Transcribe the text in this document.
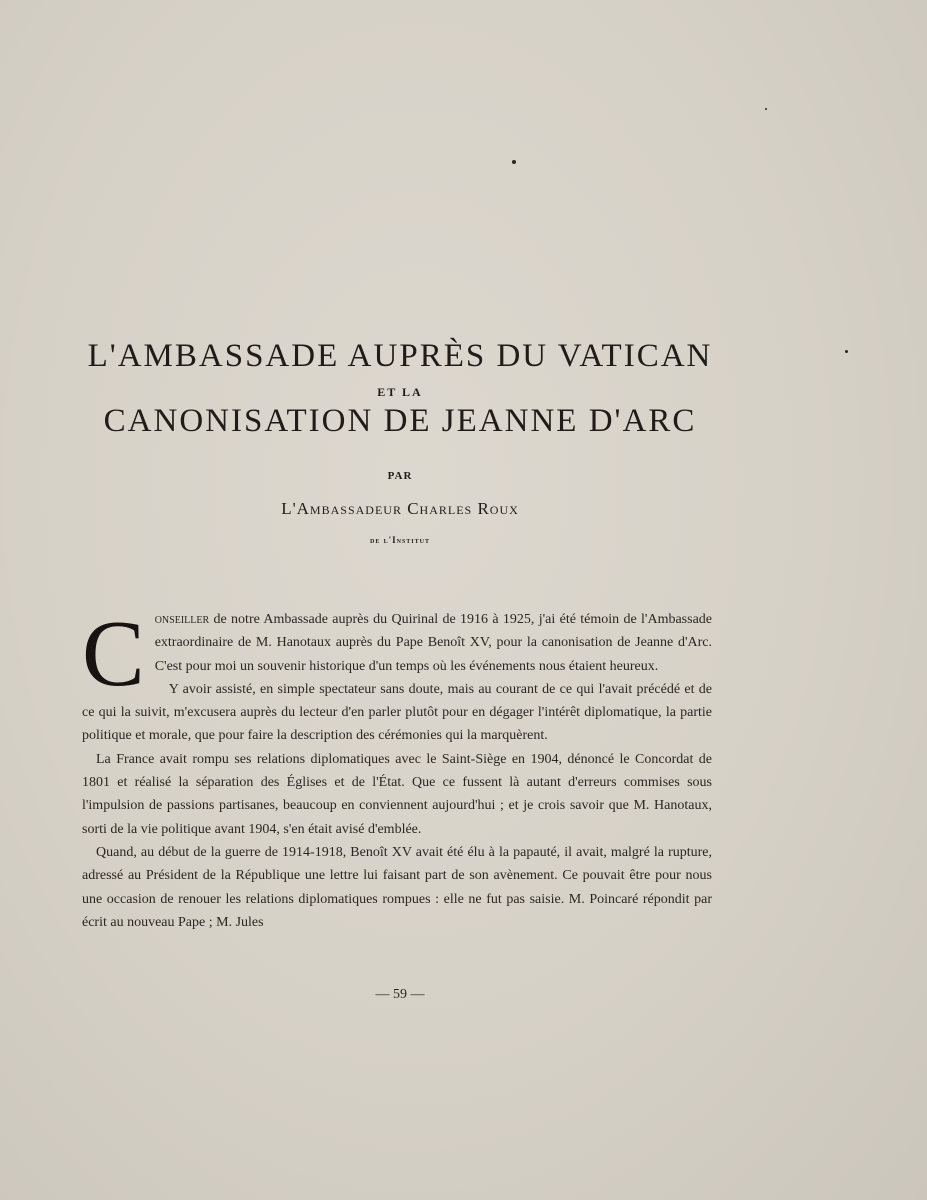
L'AMBASSADE AUPRÈS DU VATICAN
ET LA
CANONISATION DE JEANNE D'ARC
PAR
L'Ambassadeur Charles Roux
de l'Institut

Conseiller de notre Ambassade auprès du Quirinal de 1916 à 1925, j'ai été témoin de l'Ambassade extraordinaire de M. Hanotaux auprès du Pape Benoît XV, pour la canonisation de Jeanne d'Arc. C'est pour moi un souvenir historique d'un temps où les événements nous étaient heureux.

Y avoir assisté, en simple spectateur sans doute, mais au courant de ce qui l'avait précédé et de ce qui la suivit, m'excusera auprès du lecteur d'en parler plutôt pour en dégager l'intérêt diplomatique, la partie politique et morale, que pour faire la description des cérémonies qui la marquèrent.

La France avait rompu ses relations diplomatiques avec le Saint-Siège en 1904, dénoncé le Concordat de 1801 et réalisé la séparation des Églises et de l'État. Que ce fussent là autant d'erreurs commises sous l'impulsion de passions partisanes, beaucoup en conviennent aujourd'hui ; et je crois savoir que M. Hanotaux, sorti de la vie politique avant 1904, s'en était avisé d'emblée.

Quand, au début de la guerre de 1914-1918, Benoît XV avait été élu à la papauté, il avait, malgré la rupture, adressé au Président de la République une lettre lui faisant part de son avènement. Ce pouvait être pour nous une occasion de renouer les relations diplomatiques rompues : elle ne fut pas saisie. M. Poincaré répondit par écrit au nouveau Pape ; M. Jules

— 59 —
